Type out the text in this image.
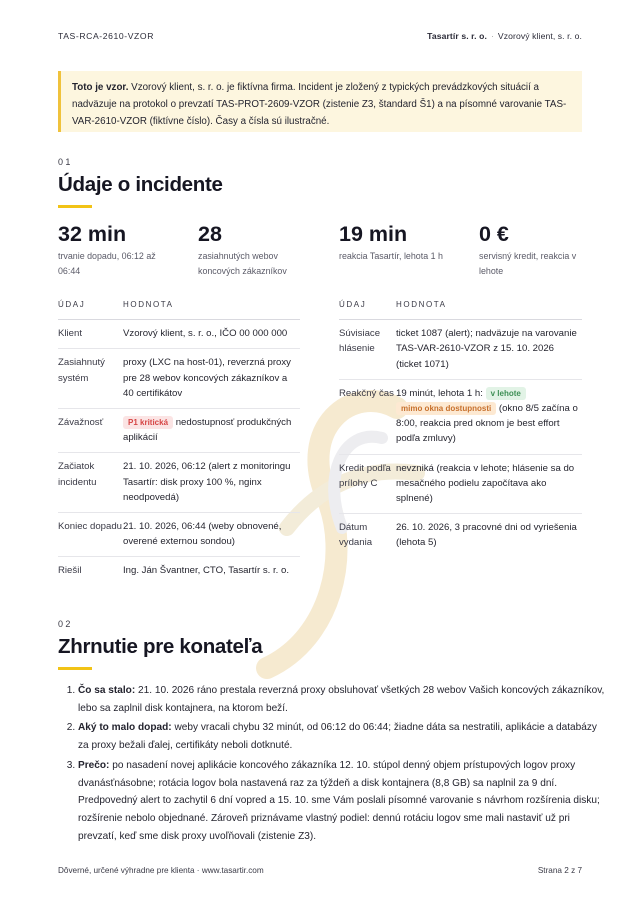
TAS-RCA-2610-VZOR	Tasartír s. r. o. · Vzorový klient, s. r. o.
Toto je vzor. Vzorový klient, s. r. o. je fiktívna firma. Incident je zložený z typických prevádzkových situácií a nadväzuje na protokol o prevzatí TAS-PROT-2609-VZOR (zistenie Z3, štandard Š1) a na písomné varovanie TAS-VAR-2610-VZOR (fiktívne číslo). Časy a čísla sú ilustračné.
01
Údaje o incidente
32 min
trvanie dopadu, 06:12 až 06:44
28
zasiahnutých webov koncových zákazníkov
19 min
reakcia Tasartír, lehota 1 h
0 €
servisný kredit, reakcia v lehote
ÚDAJ	HODNOTA
Klient	Vzorový klient, s. r. o., IČO 00 000 000
Zasiahnutý systém	proxy (LXC na host-01), reverzná proxy pre 28 webov koncových zákazníkov a 40 certifikátov
Závažnosť	P1 kritická nedostupnosť produkčných aplikácií
Začiatok incidentu	21. 10. 2026, 06:12 (alert z monitoringu Tasartír: disk proxy 100 %, nginx neodpovedá)
Koniec dopadu	21. 10. 2026, 06:44 (weby obnovené, overené externou sondou)
Riešil	Ing. Ján Švantner, CTO, Tasartír s. r. o.
ÚDAJ	HODNOTA
Súvisiace hlásenie	ticket 1087 (alert); nadväzuje na varovanie TAS-VAR-2610-VZOR z 15. 10. 2026 (ticket 1071)
Reakčný čas	19 minút, lehota 1 h: v lehote mimo okna dostupnosti (okno 8/5 začína o 8:00, reakcia pred oknom je best effort podľa zmluvy)
Kredit podľa prílohy C	nevzniká (reakcia v lehote; hlásenie sa do mesačného podielu započítava ako splnené)
Dátum vydania	26. 10. 2026, 3 pracovné dni od vyriešenia (lehota 5)
02
Zhrnutie pre konateľa
1. Čo sa stalo: 21. 10. 2026 ráno prestala reverzná proxy obsluhovať všetkých 28 webov Vašich koncových zákazníkov, lebo sa zaplnil disk kontajnera, na ktorom beží.
2. Aký to malo dopad: weby vracali chybu 32 minút, od 06:12 do 06:44; žiadne dáta sa nestratili, aplikácie a databázy za proxy bežali ďalej, certifikáty neboli dotknuté.
3. Prečo: po nasadení novej aplikácie koncového zákazníka 12. 10. stúpol denný objem prístupových logov proxy dvanásťnásobne; rotácia logov bola nastavená raz za týždeň a disk kontajnera (8,8 GB) sa naplnil za 9 dní. Predpovedný alert to zachytil 6 dní vopred a 15. 10. sme Vám poslali písomné varovanie s návrhom rozšírenia disku; rozšírenie nebolo objednané. Zároveň priznávame vlastný podiel: dennú rotáciu logov sme mali nastaviť už pri prevzatí, keď sme disk proxy uvoľňovali (zistenie Z3).
Dôverné, určené výhradne pre klienta · www.tasartir.com	Strana 2 z 7
